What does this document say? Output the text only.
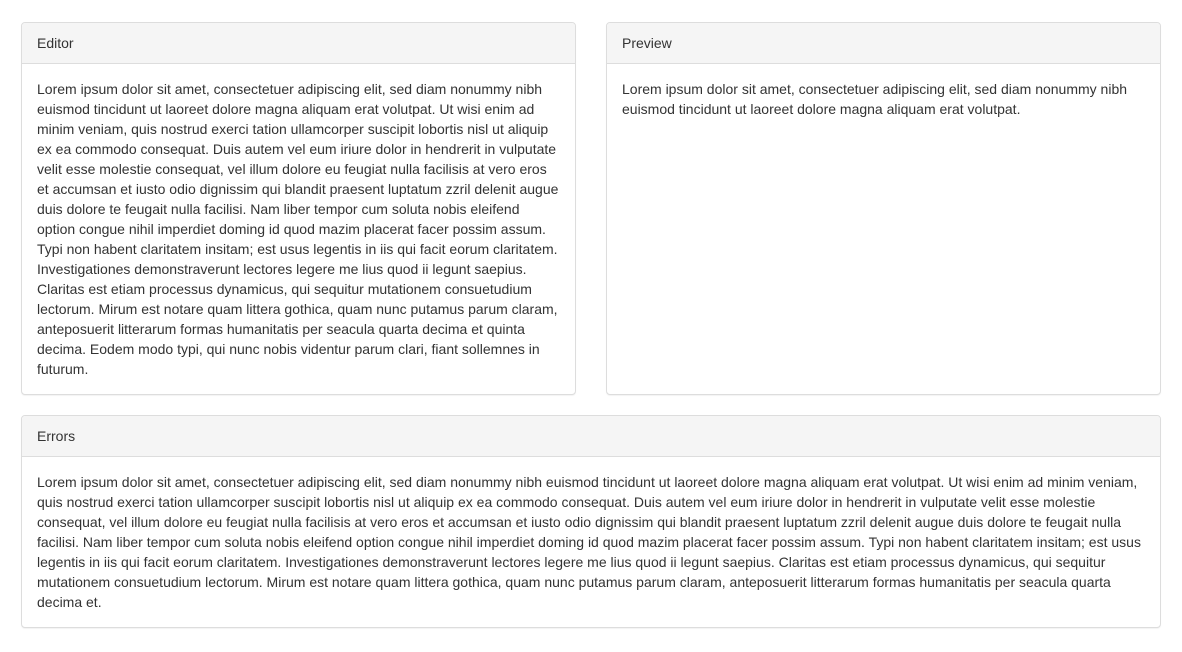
Editor
Lorem ipsum dolor sit amet, consectetuer adipiscing elit, sed diam nonummy nibh euismod tincidunt ut laoreet dolore magna aliquam erat volutpat. Ut wisi enim ad minim veniam, quis nostrud exerci tation ullamcorper suscipit lobortis nisl ut aliquip ex ea commodo consequat. Duis autem vel eum iriure dolor in hendrerit in vulputate velit esse molestie consequat, vel illum dolore eu feugiat nulla facilisis at vero eros et accumsan et iusto odio dignissim qui blandit praesent luptatum zzril delenit augue duis dolore te feugait nulla facilisi. Nam liber tempor cum soluta nobis eleifend option congue nihil imperdiet doming id quod mazim placerat facer possim assum. Typi non habent claritatem insitam; est usus legentis in iis qui facit eorum claritatem. Investigationes demonstraverunt lectores legere me lius quod ii legunt saepius. Claritas est etiam processus dynamicus, qui sequitur mutationem consuetudium lectorum. Mirum est notare quam littera gothica, quam nunc putamus parum claram, anteposuerit litterarum formas humanitatis per seacula quarta decima et quinta decima. Eodem modo typi, qui nunc nobis videntur parum clari, fiant sollemnes in futurum.
Preview
Lorem ipsum dolor sit amet, consectetuer adipiscing elit, sed diam nonummy nibh euismod tincidunt ut laoreet dolore magna aliquam erat volutpat.
Errors
Lorem ipsum dolor sit amet, consectetuer adipiscing elit, sed diam nonummy nibh euismod tincidunt ut laoreet dolore magna aliquam erat volutpat. Ut wisi enim ad minim veniam, quis nostrud exerci tation ullamcorper suscipit lobortis nisl ut aliquip ex ea commodo consequat. Duis autem vel eum iriure dolor in hendrerit in vulputate velit esse molestie consequat, vel illum dolore eu feugiat nulla facilisis at vero eros et accumsan et iusto odio dignissim qui blandit praesent luptatum zzril delenit augue duis dolore te feugait nulla facilisi. Nam liber tempor cum soluta nobis eleifend option congue nihil imperdiet doming id quod mazim placerat facer possim assum. Typi non habent claritatem insitam; est usus legentis in iis qui facit eorum claritatem. Investigationes demonstraverunt lectores legere me lius quod ii legunt saepius. Claritas est etiam processus dynamicus, qui sequitur mutationem consuetudium lectorum. Mirum est notare quam littera gothica, quam nunc putamus parum claram, anteposuerit litterarum formas humanitatis per seacula quarta decima et.
